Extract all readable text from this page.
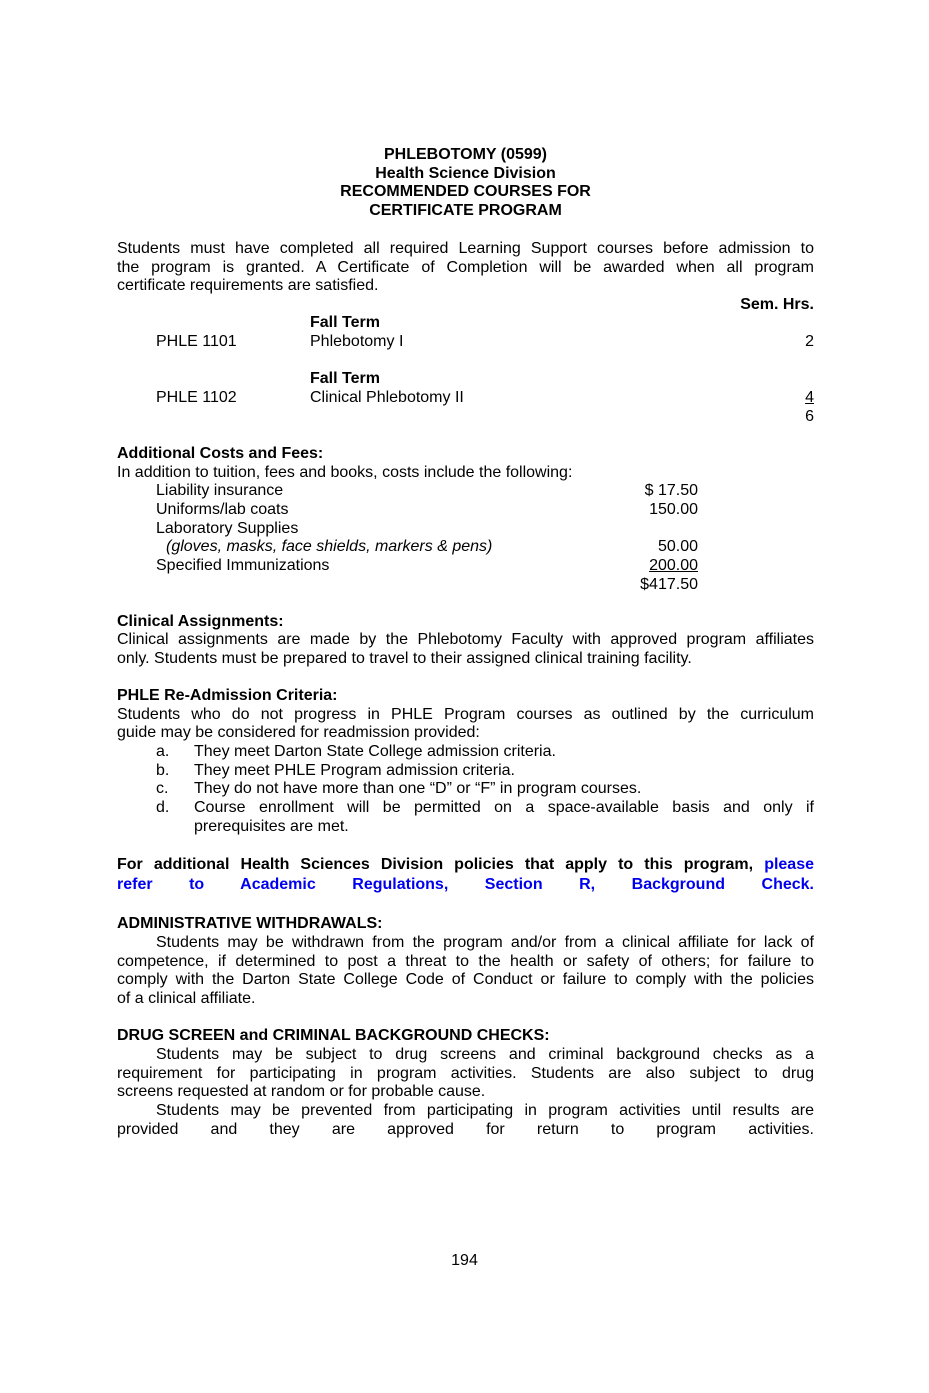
PHLEBOTOMY (0599)
Health Science Division
RECOMMENDED COURSES FOR
CERTIFICATE PROGRAM
Students must have completed all required Learning Support courses before admission to
the program is granted. A Certificate of Completion will be awarded when all program
certificate requirements are satisfied.
Sem. Hrs.
Fall Term
PHLE 1101	Phlebotomy I	2
Fall Term
PHLE 1102	Clinical Phlebotomy II	4
6
Additional Costs and Fees:
In addition to tuition, fees and books, costs include the following:
Liability insurance	$ 17.50
Uniforms/lab coats	150.00
Laboratory Supplies
(gloves, masks, face shields, markers & pens)	50.00
Specified Immunizations	200.00
$417.50
Clinical Assignments:
Clinical assignments are made by the Phlebotomy Faculty with approved program affiliates
only. Students must be prepared to travel to their assigned clinical training facility.
PHLE Re-Admission Criteria:
Students who do not progress in PHLE Program courses as outlined by the curriculum
guide may be considered for readmission provided:
a. They meet Darton State College admission criteria.
b. They meet PHLE Program admission criteria.
c. They do not have more than one “D” or “F” in program courses.
d. Course enrollment will be permitted on a space-available basis and only if
prerequisites are met.
For additional Health Sciences Division policies that apply to this program, please
refer to Academic Regulations, Section R, Background Check.
ADMINISTRATIVE WITHDRAWALS:
Students may be withdrawn from the program and/or from a clinical affiliate for lack of
competence, if determined to post a threat to the health or safety of others; for failure to
comply with the Darton State College Code of Conduct or failure to comply with the policies
of a clinical affiliate.
DRUG SCREEN and CRIMINAL BACKGROUND CHECKS:
Students may be subject to drug screens and criminal background checks as a
requirement for participating in program activities. Students are also subject to drug
screens requested at random or for probable cause.
Students may be prevented from participating in program activities until results are
provided and they are approved for return to program activities.
194
